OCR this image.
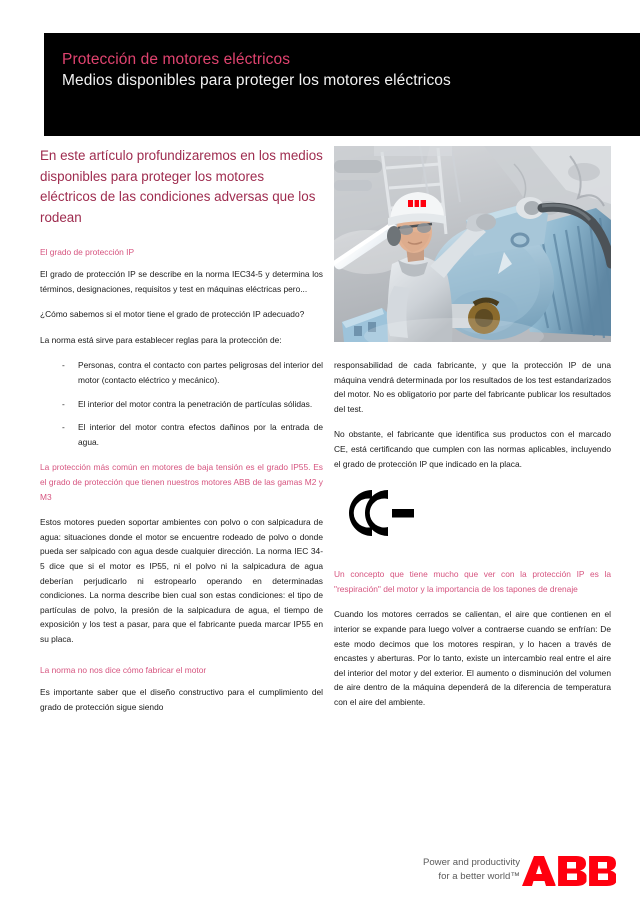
Protección de motores eléctricos
Medios disponibles para proteger los motores eléctricos

En este artículo profundizaremos en los medios disponibles para proteger los motores eléctricos de las condiciones adversas que los rodean

El grado de protección IP

El grado de protección IP se describe en la norma IEC34-5 y determina los términos, designaciones, requisitos y test en máquinas eléctricas pero...

¿Cómo sabemos si el motor tiene el grado de protección IP adecuado?

La norma está sirve para establecer reglas para la protección de:

- Personas, contra el contacto con partes peligrosas del interior del motor (contacto eléctrico y mecánico).
- El interior del motor contra la penetración de partículas sólidas.
- El interior del motor contra efectos dañinos por la entrada de agua.

La protección más común en motores de baja tensión es el grado IP55. Es el grado de protección que tienen nuestros motores ABB de las gamas M2 y M3

Estos motores pueden soportar ambientes con polvo o con salpicadura de agua: situaciones donde el motor se encuentre rodeado de polvo o donde pueda ser salpicado con agua desde cualquier dirección. La norma IEC 34-5 dice que si el motor es IP55, ni el polvo ni la salpicadura de agua deberían perjudicarlo ni estropearlo operando en determinadas condiciones. La norma describe bien cual son estas condiciones: el tipo de partículas de polvo, la presión de la salpicadura de agua, el tiempo de exposición y los test a pasar, para que el fabricante pueda marcar IP55 en su placa.

La norma no nos dice cómo fabricar el motor

Es importante saber que el diseño constructivo para el cumplimiento del grado de protección sigue siendo

responsabilidad de cada fabricante, y que la protección IP de una máquina vendrá determinada por los resultados de los test estandarizados del motor. No es obligatorio por parte del fabricante publicar los resultados del test.

No obstante, el fabricante que identifica sus productos con el marcado CE, está certificando que cumplen con las normas aplicables, incluyendo el grado de protección IP que indicado en la placa.

Un concepto que tiene mucho que ver con la protección IP es la "respiración" del motor y la importancia de los tapones de drenaje

Cuando los motores cerrados se calientan, el aire que contienen en el interior se expande para luego volver a contraerse cuando se enfrían: De este modo decimos que los motores respiran, y lo hacen a través de encastes y aberturas. Por lo tanto, existe un intercambio real entre el aire del interior del motor y del exterior. El aumento o disminución del volumen de aire dentro de la máquina dependerá de la diferencia de temperatura con el aire del ambiente.

Power and productivity
for a better world™
